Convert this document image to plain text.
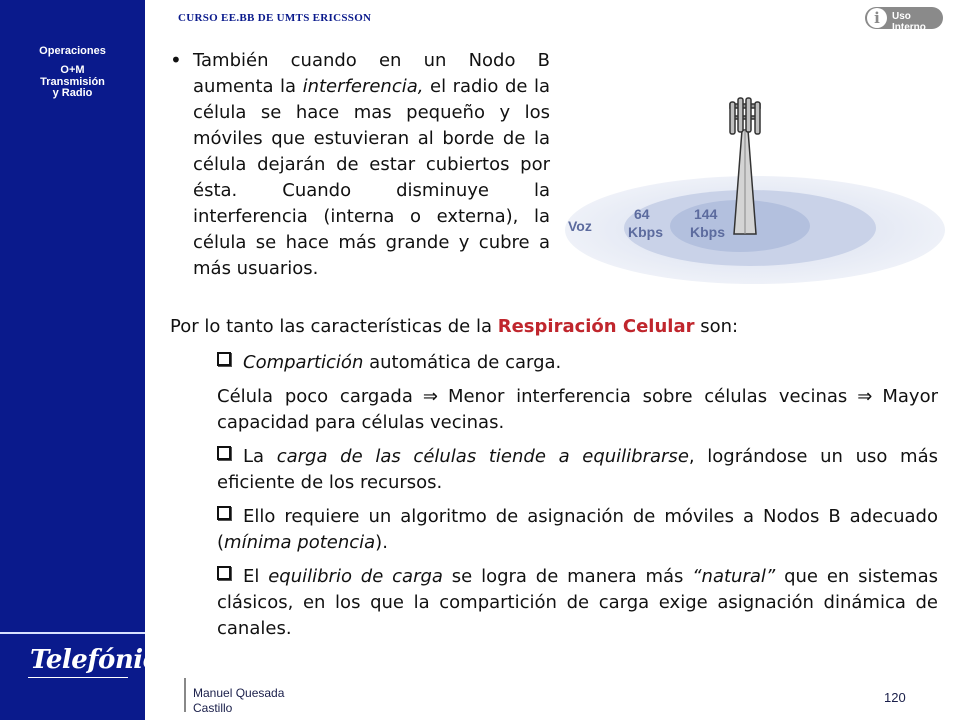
Operaciones
O+M
Transmisión
y Radio
Telefónica
CURSO EE.BB DE UMTS ERICSSON	i	Uso Interno
• También cuando en un Nodo B aumenta la interferencia, el radio de la célula se hace mas pequeño y los móviles que estuvieran al borde de la célula dejarán de estar cubiertos por ésta. Cuando disminuye la interferencia (interna o externa), la célula se hace más grande y cubre a más usuarios.
Voz
64
Kbps
144
Kbps

Por lo tanto las características de la Respiración Celular son:

Compartición automática de carga.

Célula poco cargada ⇒ Menor interferencia sobre células vecinas ⇒ Mayor capacidad para células vecinas.

La carga de las células tiende a equilibrarse, lográndose un uso más eficiente de los recursos.

Ello requiere un algoritmo de asignación de móviles a Nodos B adecuado (mínima potencia).

El equilibrio de carga se logra de manera más “natural” que en sistemas clásicos, en los que la compartición de carga exige asignación dinámica de canales.

Manuel Quesada
Castillo
120
